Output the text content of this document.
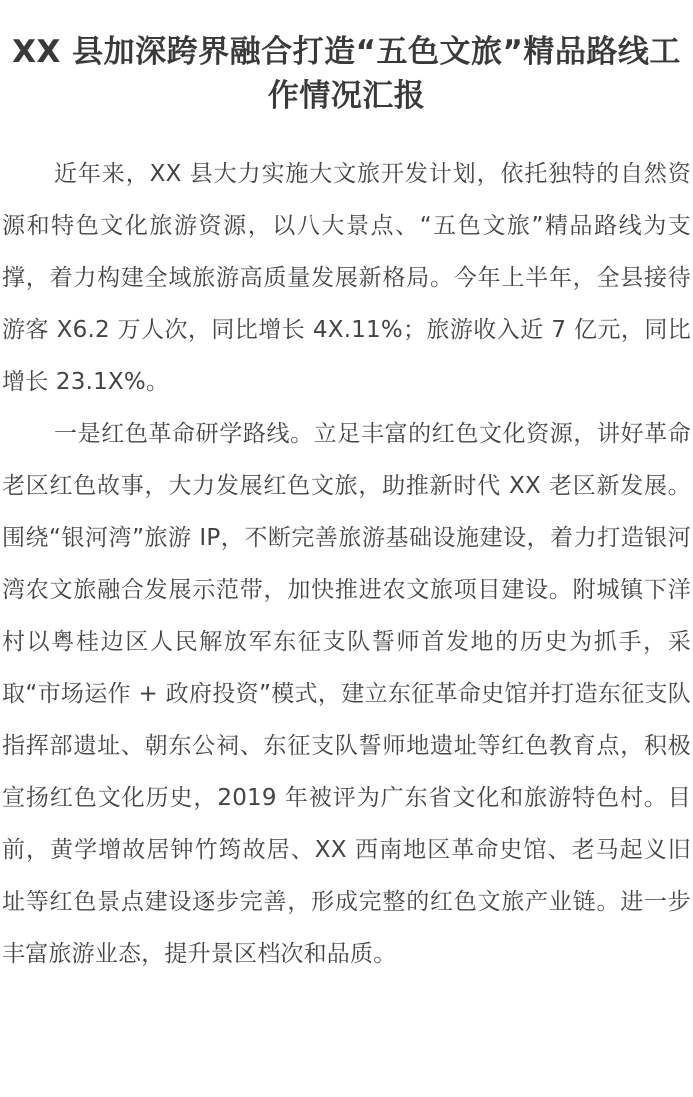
XX 县加深跨界融合打造“五色文旅”精品路线工作情况汇报

近年来，XX 县大力实施大文旅开发计划，依托独特的自然资源和特色文化旅游资源，以八大景点、“五色文旅”精品路线为支撑，着力构建全域旅游高质量发展新格局。今年上半年，全县接待游客 X6.2 万人次，同比增长 4X.11%；旅游收入近 7 亿元，同比增长 23.1X%。

一是红色革命研学路线。立足丰富的红色文化资源，讲好革命老区红色故事，大力发展红色文旅，助推新时代 XX 老区新发展。围绕“银河湾”旅游 IP，不断完善旅游基础设施建设，着力打造银河湾农文旅融合发展示范带，加快推进农文旅项目建设。附城镇下洋村以粤桂边区人民解放军东征支队誓师首发地的历史为抓手，采取“市场运作 + 政府投资”模式，建立东征革命史馆并打造东征支队指挥部遗址、朝东公祠、东征支队誓师地遗址等红色教育点，积极宣扬红色文化历史，2019 年被评为广东省文化和旅游特色村。目前，黄学增故居钟竹筠故居、XX 西南地区革命史馆、老马起义旧址等红色景点建设逐步完善，形成完整的红色文旅产业链。进一步丰富旅游业态，提升景区档次和品质。
